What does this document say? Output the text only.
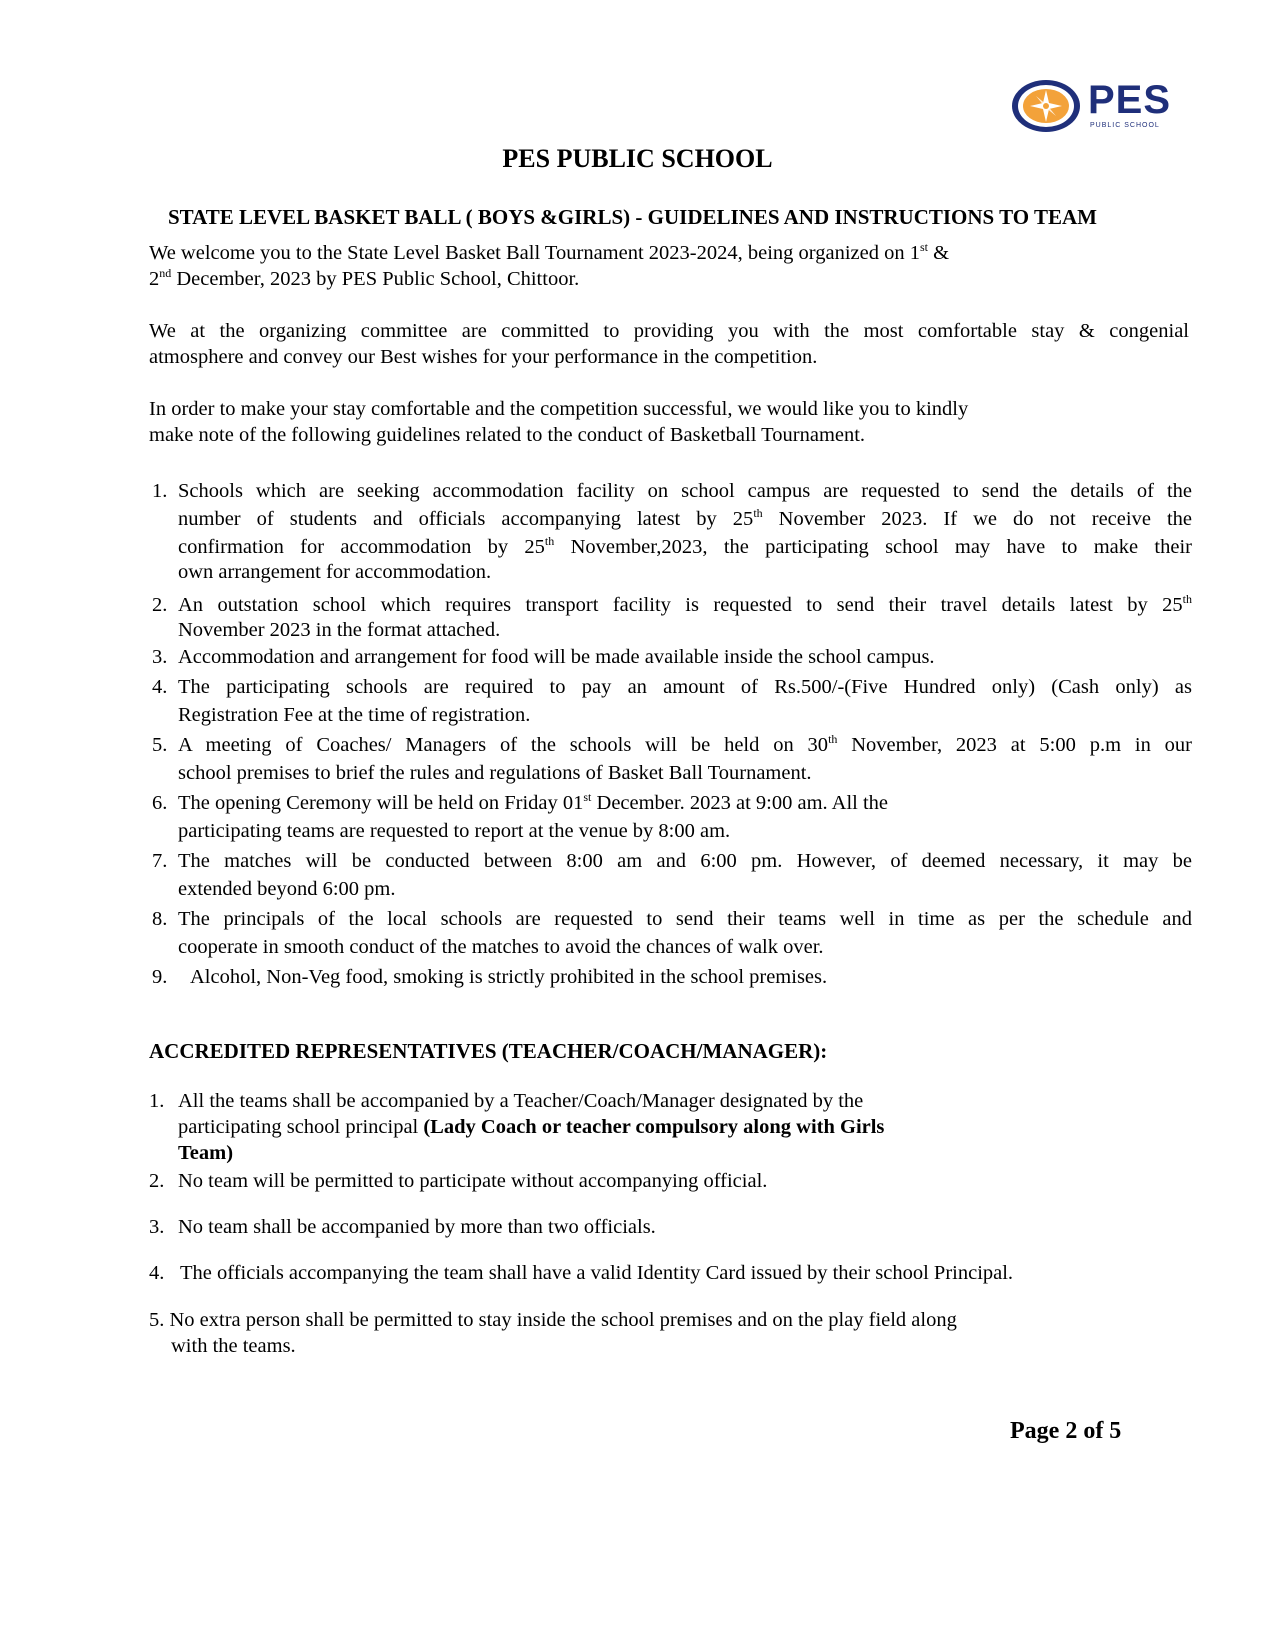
PES
PUBLIC SCHOOL
PES PUBLIC SCHOOL
STATE LEVEL BASKET BALL ( BOYS &GIRLS) - GUIDELINES AND INSTRUCTIONS TO TEAM
We welcome you to the State Level Basket Ball Tournament 2023-2024, being organized on 1st &
2nd December, 2023 by PES Public School, Chittoor.
We at the organizing committee are committed to providing you with the most comfortable stay & congenial
atmosphere and convey our Best wishes for your performance in the competition.
In order to make your stay comfortable and the competition successful, we would like you to kindly
make note of the following guidelines related to the conduct of Basketball Tournament.
1. Schools which are seeking accommodation facility on school campus are requested to send the details of the
number of students and officials accompanying latest by 25th November 2023. If we do not receive the
confirmation for accommodation by 25th November,2023, the participating school may have to make their
own arrangement for accommodation.
2. An outstation school which requires transport facility is requested to send their travel details latest by 25th
November 2023 in the format attached.
3. Accommodation and arrangement for food will be made available inside the school campus.
4. The participating schools are required to pay an amount of Rs.500/-(Five Hundred only) (Cash only) as
Registration Fee at the time of registration.
5. A meeting of Coaches/ Managers of the schools will be held on 30th November, 2023 at 5:00 p.m in our
school premises to brief the rules and regulations of Basket Ball Tournament.
6. The opening Ceremony will be held on Friday 01st December. 2023 at 9:00 am. All the
participating teams are requested to report at the venue by 8:00 am.
7. The matches will be conducted between 8:00 am and 6:00 pm. However, of deemed necessary, it may be
extended beyond 6:00 pm.
8. The principals of the local schools are requested to send their teams well in time as per the schedule and
cooperate in smooth conduct of the matches to avoid the chances of walk over.
9.	Alcohol, Non-Veg food, smoking is strictly prohibited in the school premises.
ACCREDITED REPRESENTATIVES (TEACHER/COACH/MANAGER):
1. All the teams shall be accompanied by a Teacher/Coach/Manager designated by the
participating school principal (Lady Coach or teacher compulsory along with Girls
Team)
2. No team will be permitted to participate without accompanying official.
3. No team shall be accompanied by more than two officials.
4. The officials accompanying the team shall have a valid Identity Card issued by their school Principal.
5. No extra person shall be permitted to stay inside the school premises and on the play field along
with the teams.
Page 2 of 5
